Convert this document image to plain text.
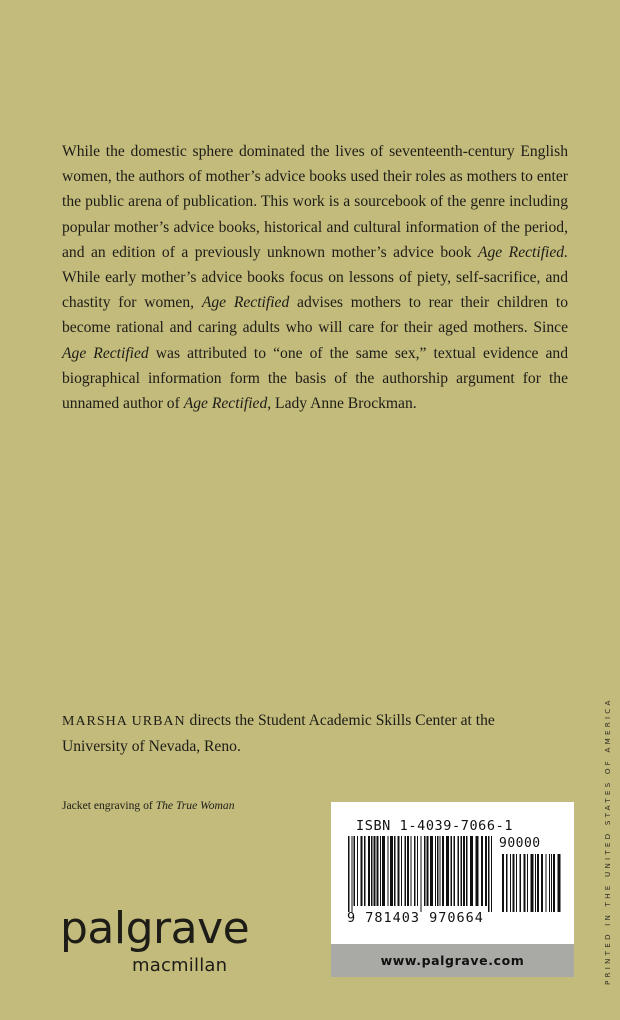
While the domestic sphere dominated the lives of seventeenth-century English women, the authors of mother’s advice books used their roles as mothers to enter the public arena of publication. This work is a sourcebook of the genre including popular mother’s advice books, historical and cultural information of the period, and an edition of a previously unknown mother’s advice book Age Rectified. While early mother’s advice books focus on lessons of piety, self-sacrifice, and chastity for women, Age Rectified advises mothers to rear their children to become rational and caring adults who will care for their aged mothers. Since Age Rectified was attributed to “one of the same sex,” textual evidence and biographical information form the basis of the authorship argument for the unnamed author of Age Rectified, Lady Anne Brockman.

MARSHA URBAN directs the Student Academic Skills Center at the University of Nevada, Reno.

Jacket engraving of The True Woman

ISBN 1-4039-7066-1
90000
9 781403 970664
www.palgrave.com
palgrave
macmillan	PRINTED IN THE UNITED STATES OF AMERICA
